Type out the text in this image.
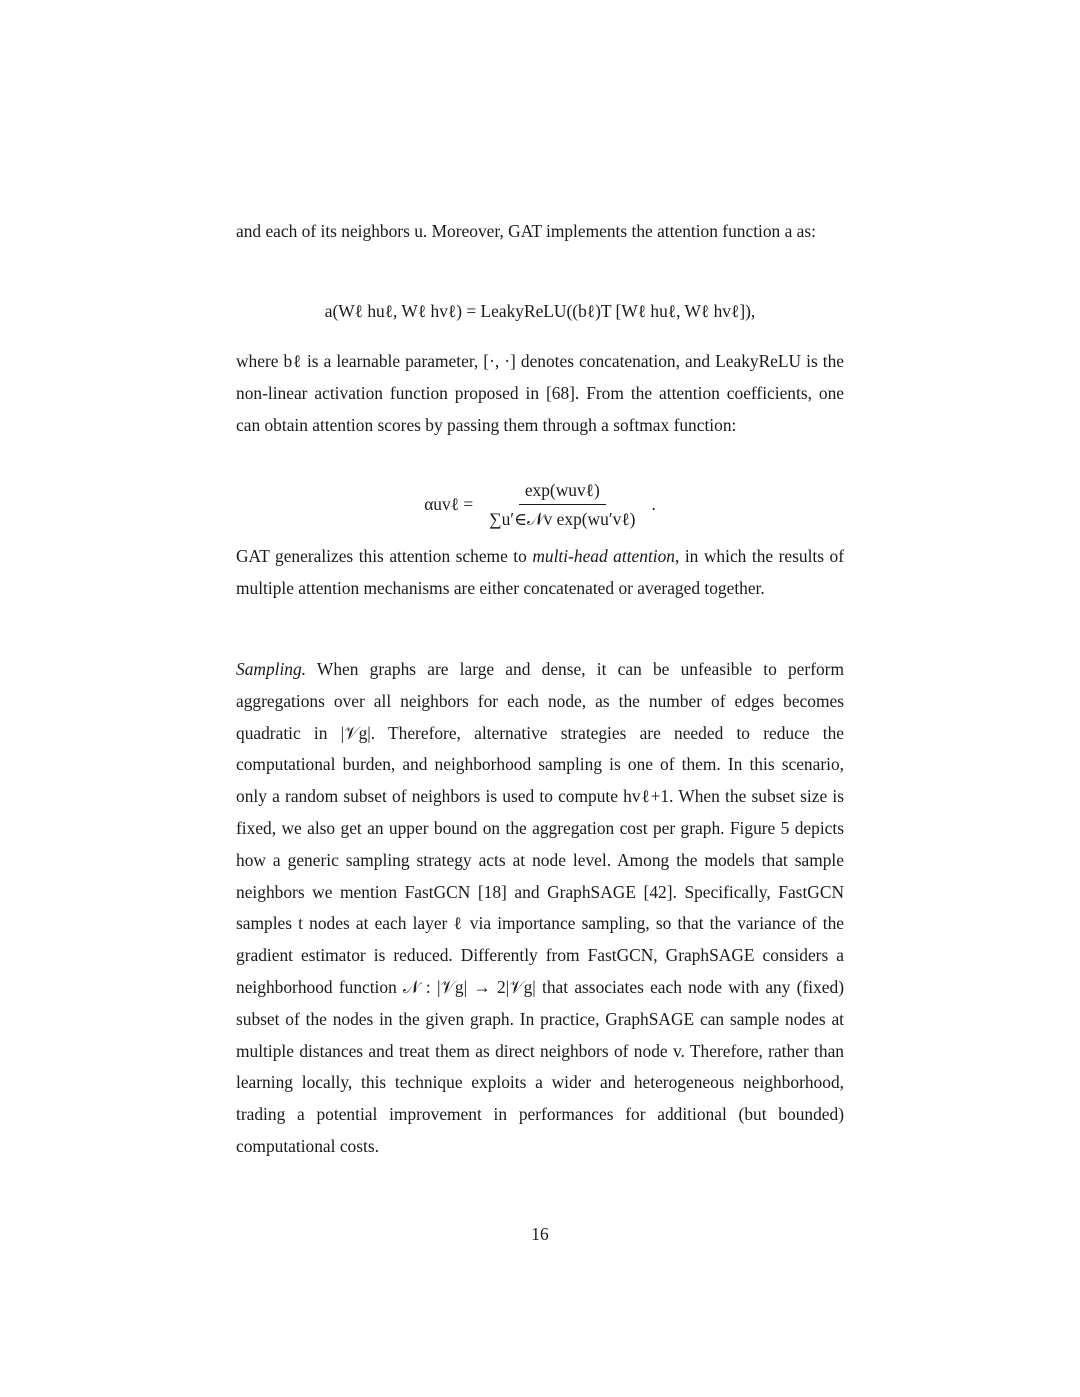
and each of its neighbors u. Moreover, GAT implements the attention function a as:
a(Wℓ huℓ, Wℓ hvℓ) = LeakyReLU((bℓ)T [Wℓ huℓ, Wℓ hvℓ]),
where bℓ is a learnable parameter, [·, ·] denotes concatenation, and LeakyReLU is the non-linear activation function proposed in [68]. From the attention coefficients, one can obtain attention scores by passing them through a softmax function:
αuvℓ = $\frac{\text{exp(wuvℓ)}}{\text{∑u′∈𝒩v exp(wu′vℓ)}}$ .
GAT generalizes this attention scheme to multi-head attention, in which the results of multiple attention mechanisms are either concatenated or averaged together.
Sampling. When graphs are large and dense, it can be unfeasible to perform aggregations over all neighbors for each node, as the number of edges becomes quadratic in |𝒱g|. Therefore, alternative strategies are needed to reduce the computational burden, and neighborhood sampling is one of them. In this scenario, only a random subset of neighbors is used to compute hvℓ+1. When the subset size is fixed, we also get an upper bound on the aggregation cost per graph. Figure 5 depicts how a generic sampling strategy acts at node level. Among the models that sample neighbors we mention FastGCN [18] and GraphSAGE [42]. Specifically, FastGCN samples t nodes at each layer ℓ via importance sampling, so that the variance of the gradient estimator is reduced. Differently from FastGCN, GraphSAGE considers a neighborhood function 𝒩 : |𝒱g| → 2|𝒱g| that associates each node with any (fixed) subset of the nodes in the given graph. In practice, GraphSAGE can sample nodes at multiple distances and treat them as direct neighbors of node v. Therefore, rather than learning locally, this technique exploits a wider and heterogeneous neighborhood, trading a potential improvement in performances for additional (but bounded) computational costs.
16
